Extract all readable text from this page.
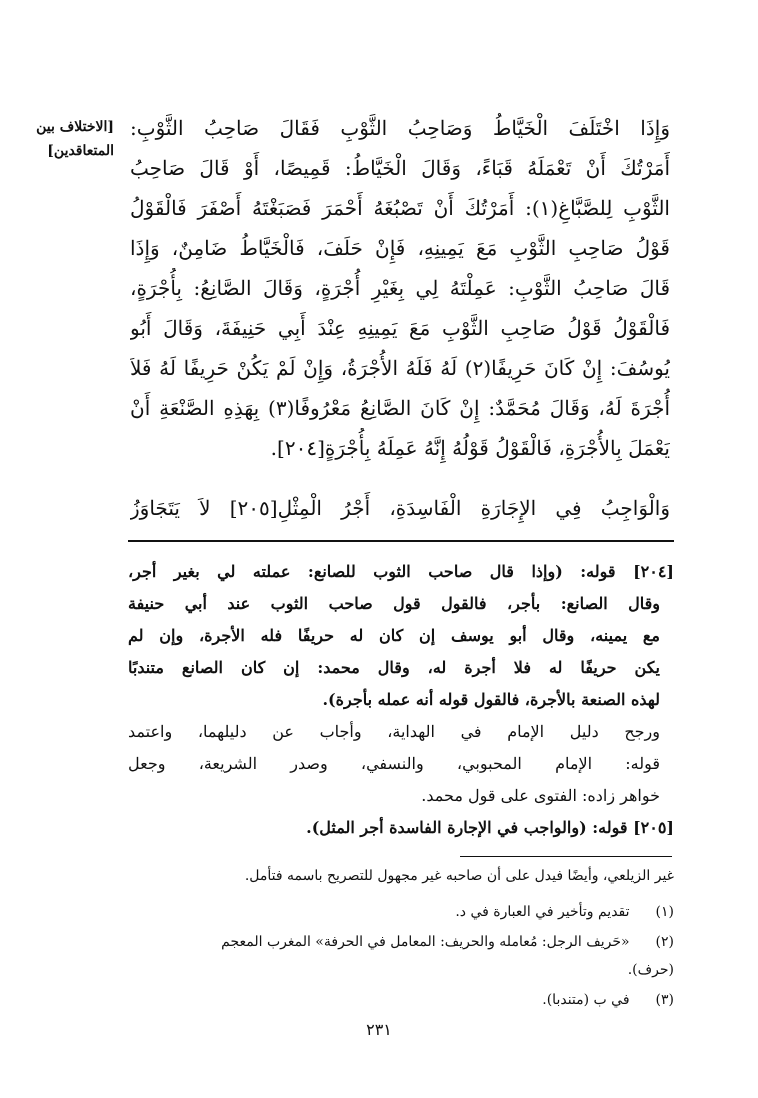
[الاختلاف بين
المتعاقدين]
وَإِذَا اخْتَلَفَ الْخَيَّاطُ وَصَاحِبُ الثَّوْبِ فَقَالَ صَاحِبُ الثَّوْبِ:
أَمَرْتُكَ أَنْ تَعْمَلَهُ قَبَاءً، وَقَالَ الْخَيَّاطُ: قَمِيصًا، أَوْ قَالَ صَاحِبُ
الثَّوْبِ لِلصَّبَّاغِ(١): أَمَرْتُكَ أَنْ تَصْبُغَهُ أَحْمَرَ فَصَبَغْتَهُ أَصْفَرَ فَالْقَوْلُ
قَوْلُ صَاحِبِ الثَّوْبِ مَعَ يَمِينِهِ، فَإِنْ حَلَفَ، فَالْخَيَّاطُ ضَامِنٌ، وَإِذَا
قَالَ صَاحِبُ الثَّوْبِ: عَمِلْتَهُ لِي بِغَيْرِ أُجْرَةٍ، وَقَالَ الصَّانِعُ: بِأُجْرَةٍ،
فَالْقَوْلُ قَوْلُ صَاحِبِ الثَّوْبِ مَعَ يَمِينِهِ عِنْدَ أَبِي حَنِيفَةَ، وَقَالَ أَبُو
يُوسُفَ: إِنْ كَانَ حَرِيفًا(٢) لَهُ فَلَهُ الأُجْرَةُ، وَإِنْ لَمْ يَكُنْ حَرِيفًا لَهُ فَلاَ
أُجْرَةَ لَهُ، وَقَالَ مُحَمَّدٌ: إِنْ كَانَ الصَّانِعُ مَعْرُوفًا(٣) بِهَذِهِ الصَّنْعَةِ أَنْ
يَعْمَلَ بِالأُجْرَةِ، فَالْقَوْلُ قَوْلُهُ إِنَّهُ عَمِلَهُ بِأُجْرَةٍ[٢٠٤].
وَالْوَاجِبُ فِي الإِجَارَةِ الْفَاسِدَةِ، أَجْرُ الْمِثْلِ[٢٠٥] لاَ يَتَجَاوَزُ
[٢٠٤] قوله: (وإذا قال صاحب الثوب للصانع: عملته لي بغير أجر،
وقال الصانع: بأجر، فالقول قول صاحب الثوب عند أبي حنيفة
مع يمينه، وقال أبو يوسف إن كان له حريفًا فله الأجرة، وإن لم
يكن حريفًا له فلا أجرة له، وقال محمد: إن كان الصانع متندبًا
لهذه الصنعة بالأجرة، فالقول قوله أنه عمله بأجرة).
ورجح دليل الإمام في الهداية، وأجاب عن دليلهما، واعتمد
قوله: الإمام المحبوبي، والنسفي، وصدر الشريعة، وجعل
خواهر زاده: الفتوى على قول محمد.
[٢٠٥] قوله: (والواجب في الإجارة الفاسدة أجر المثل).
غير الزيلعي، وأيضًا فيدل على أن صاحبه غير مجهول للتصريح باسمه فتأمل.
(١) تقديم وتأخير في العبارة في د.
(٢) «حَريف الرجل: مُعامله والحريف: المعامل في الحرفة» المغرب المعجم
(حرف).
(٣) في ب (متندبا).
٢٣١
